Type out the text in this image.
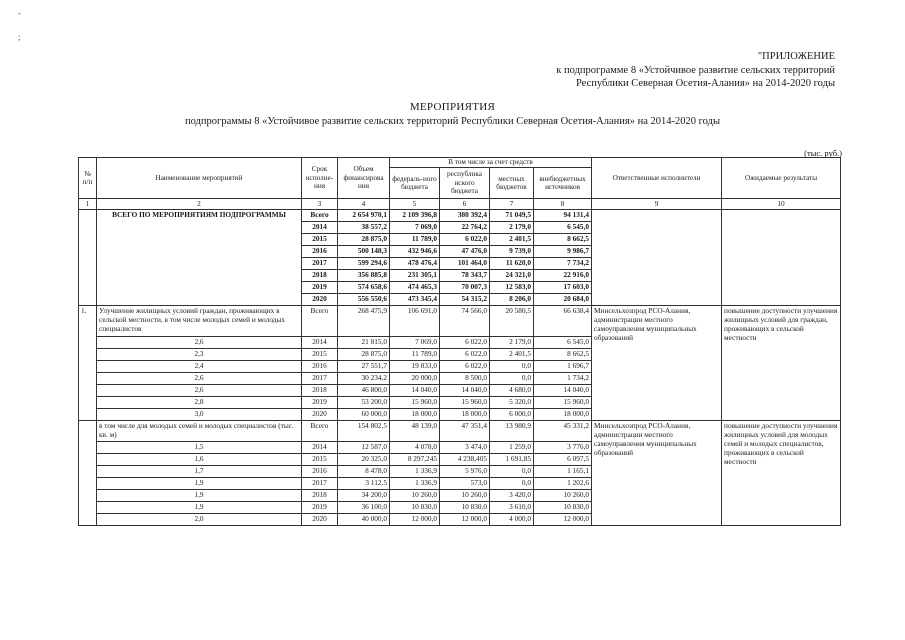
-
;
"ПРИЛОЖЕНИЕ
к подпрограмме 8 «Устойчивое развитие сельских территорий
Республики Северная Осетия-Алания» на 2014-2020 годы
МЕРОПРИЯТИЯ
подпрограммы 8 «Устойчивое развитие сельских территорий Республики Северная Осетия-Алания» на 2014-2020 годы
(тыс. руб.)
№ п/п	Наименование мероприятий	Срок исполне-ния	Объем финансирова ния	В том числе за счет средств				Ответственные исполнители	Ожидаемые результаты
				федераль-ного бюджета	республика нского бюджета	местных бюджетов	внебюджетных источников		
1	2	3	4	5	6	7	8	9	10
	ВСЕГО ПО МЕРОПРИЯТИЯМ ПОДПРОГРАММЫ	Всего	2 654 970,1	2 109 396,8	380 392,4	71 049,5	94 131,4		
		2014	38 557,2	7 069,0	22 764,2	2 179,0	6 545,0		
		2015	28 875,0	11 789,0	6 022,0	2 401,5	8 662,5		
		2016	500 148,3	432 946,6	47 476,0	9 739,0	9 986,7		
		2017	599 294,6	478 476,4	101 464,0	11 620,0	7 734,2		
		2018	356 885,8	231 305,1	78 343,7	24 321,0	22 916,0		
		2019	574 658,6	474 465,3	70 007,3	12 583,0	17 603,0		
		2020	556 550,6	473 345,4	54 315,2	8 206,0	20 684,0		
1.	Улучшение жилищных условий граждан, проживающих в сельской местности, в том числе молодых семей и молодых специалистов	Всего	268 475,9	106 691,0	74 566,0	20 580,5	66 638,4	Минсельхозпрод РСО-Алания, администрации местного самоуправления муниципальных образований	повышение доступности улучшения жилищных условий для граждан, проживающих в сельской местности
	2,6	2014	21 815,0	7 069,0	6 022,0	2 179,0	6 545,0		
	2,3	2015	28 875,0	11 789,0	6 022,0	2 401,5	8 662,5		
	2,4	2016	27 551,7	19 833,0	6 022,0	0,0	1 696,7		
	2,6	2017	30 234,2	20 000,0	8 500,0	0,0	1 734,2		
	2,6	2018	46 800,0	14 040,0	14 040,0	4 680,0	14 040,0		
	2,8	2019	53 200,0	15 960,0	15 960,0	5 320,0	15 960,0		
	3,0	2020	60 000,0	18 000,0	18 000,0	6 000,0	18 000,0		
	в том числе для молодых семей и молодых специалистов (тыс. кв. м)	Всего	154 802,5	48 139,0	47 351,4	13 980,9	45 331,2	Минсельхозпрод РСО-Алания, администрации местного самоуправления муниципальных образований	повышение доступности улучшения жилищных условий для молодых семей и молодых специалистов, проживающих в сельской местности
	1,5	2014	12 587,0	4 078,0	3 474,0	1 259,0	3 776,0		
	1,6	2015	20 325,0	8 297,245	4 238,405	1 691,85	6 097,5		
	1,7	2016	8 478,0	1 336,9	5 976,0	0,0	1 165,1		
	1,9	2017	3 112,5	1 336,9	573,0	0,0	1 202,6		
	1,9	2018	34 200,0	10 260,0	10 260,0	3 420,0	10 260,0		
	1,9	2019	36 100,0	10 830,0	10 830,0	3 610,0	10 830,0		
	2,0	2020	40 000,0	12 000,0	12 000,0	4 000,0	12 000,0		
